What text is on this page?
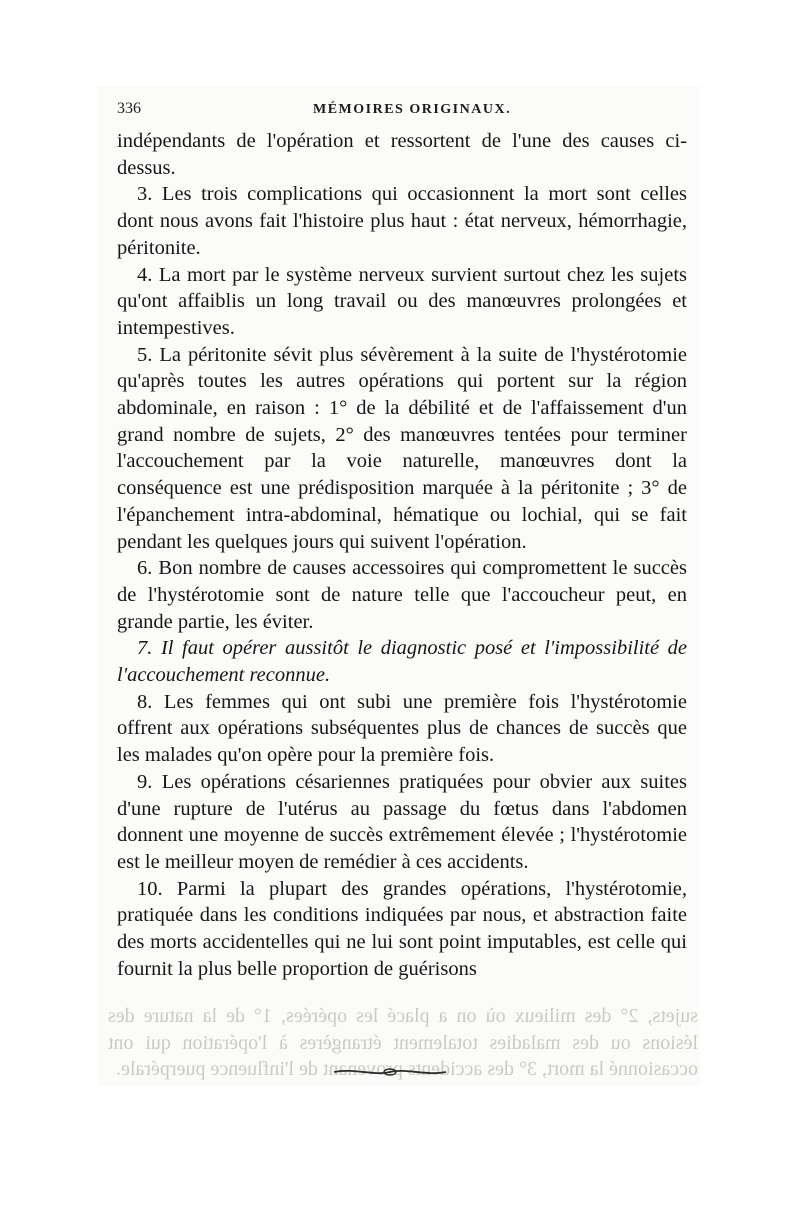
336	MÉMOIRES ORIGINAUX.

indépendants de l'opération et ressortent de l'une des causes ci-dessus.

3. Les trois complications qui occasionnent la mort sont celles dont nous avons fait l'histoire plus haut : état nerveux, hémorrhagie, péritonite.

4. La mort par le système nerveux survient surtout chez les sujets qu'ont affaiblis un long travail ou des manœuvres prolongées et intempestives.

5. La péritonite sévit plus sévèrement à la suite de l'hystérotomie qu'après toutes les autres opérations qui portent sur la région abdominale, en raison : 1° de la débilité et de l'affaissement d'un grand nombre de sujets, 2° des manœuvres tentées pour terminer l'accouchement par la voie naturelle, manœuvres dont la conséquence est une prédisposition marquée à la péritonite ; 3° de l'épanchement intra-abdominal, hématique ou lochial, qui se fait pendant les quelques jours qui suivent l'opération.

6. Bon nombre de causes accessoires qui compromettent le succès de l'hystérotomie sont de nature telle que l'accoucheur peut, en grande partie, les éviter.

7. Il faut opérer aussitôt le diagnostic posé et l'impossibilité de l'accouchement reconnue.

8. Les femmes qui ont subi une première fois l'hystérotomie offrent aux opérations subséquentes plus de chances de succès que les malades qu'on opère pour la première fois.

9. Les opérations césariennes pratiquées pour obvier aux suites d'une rupture de l'utérus au passage du fœtus dans l'abdomen donnent une moyenne de succès extrêmement élevée ; l'hystérotomie est le meilleur moyen de remédier à ces accidents.

10. Parmi la plupart des grandes opérations, l'hystérotomie, pratiquée dans les conditions indiquées par nous, et abstraction faite des morts accidentelles qui ne lui sont point imputables, est celle qui fournit la plus belle proportion de guérisons

sujets, 2° des milieux où on a placé les opérées, 1° de la nature des lésions ou des maladies totalement étrangères à l'opération qui ont occasionné la mort, 3° des accidents provenant de l'influence puerpérale.
